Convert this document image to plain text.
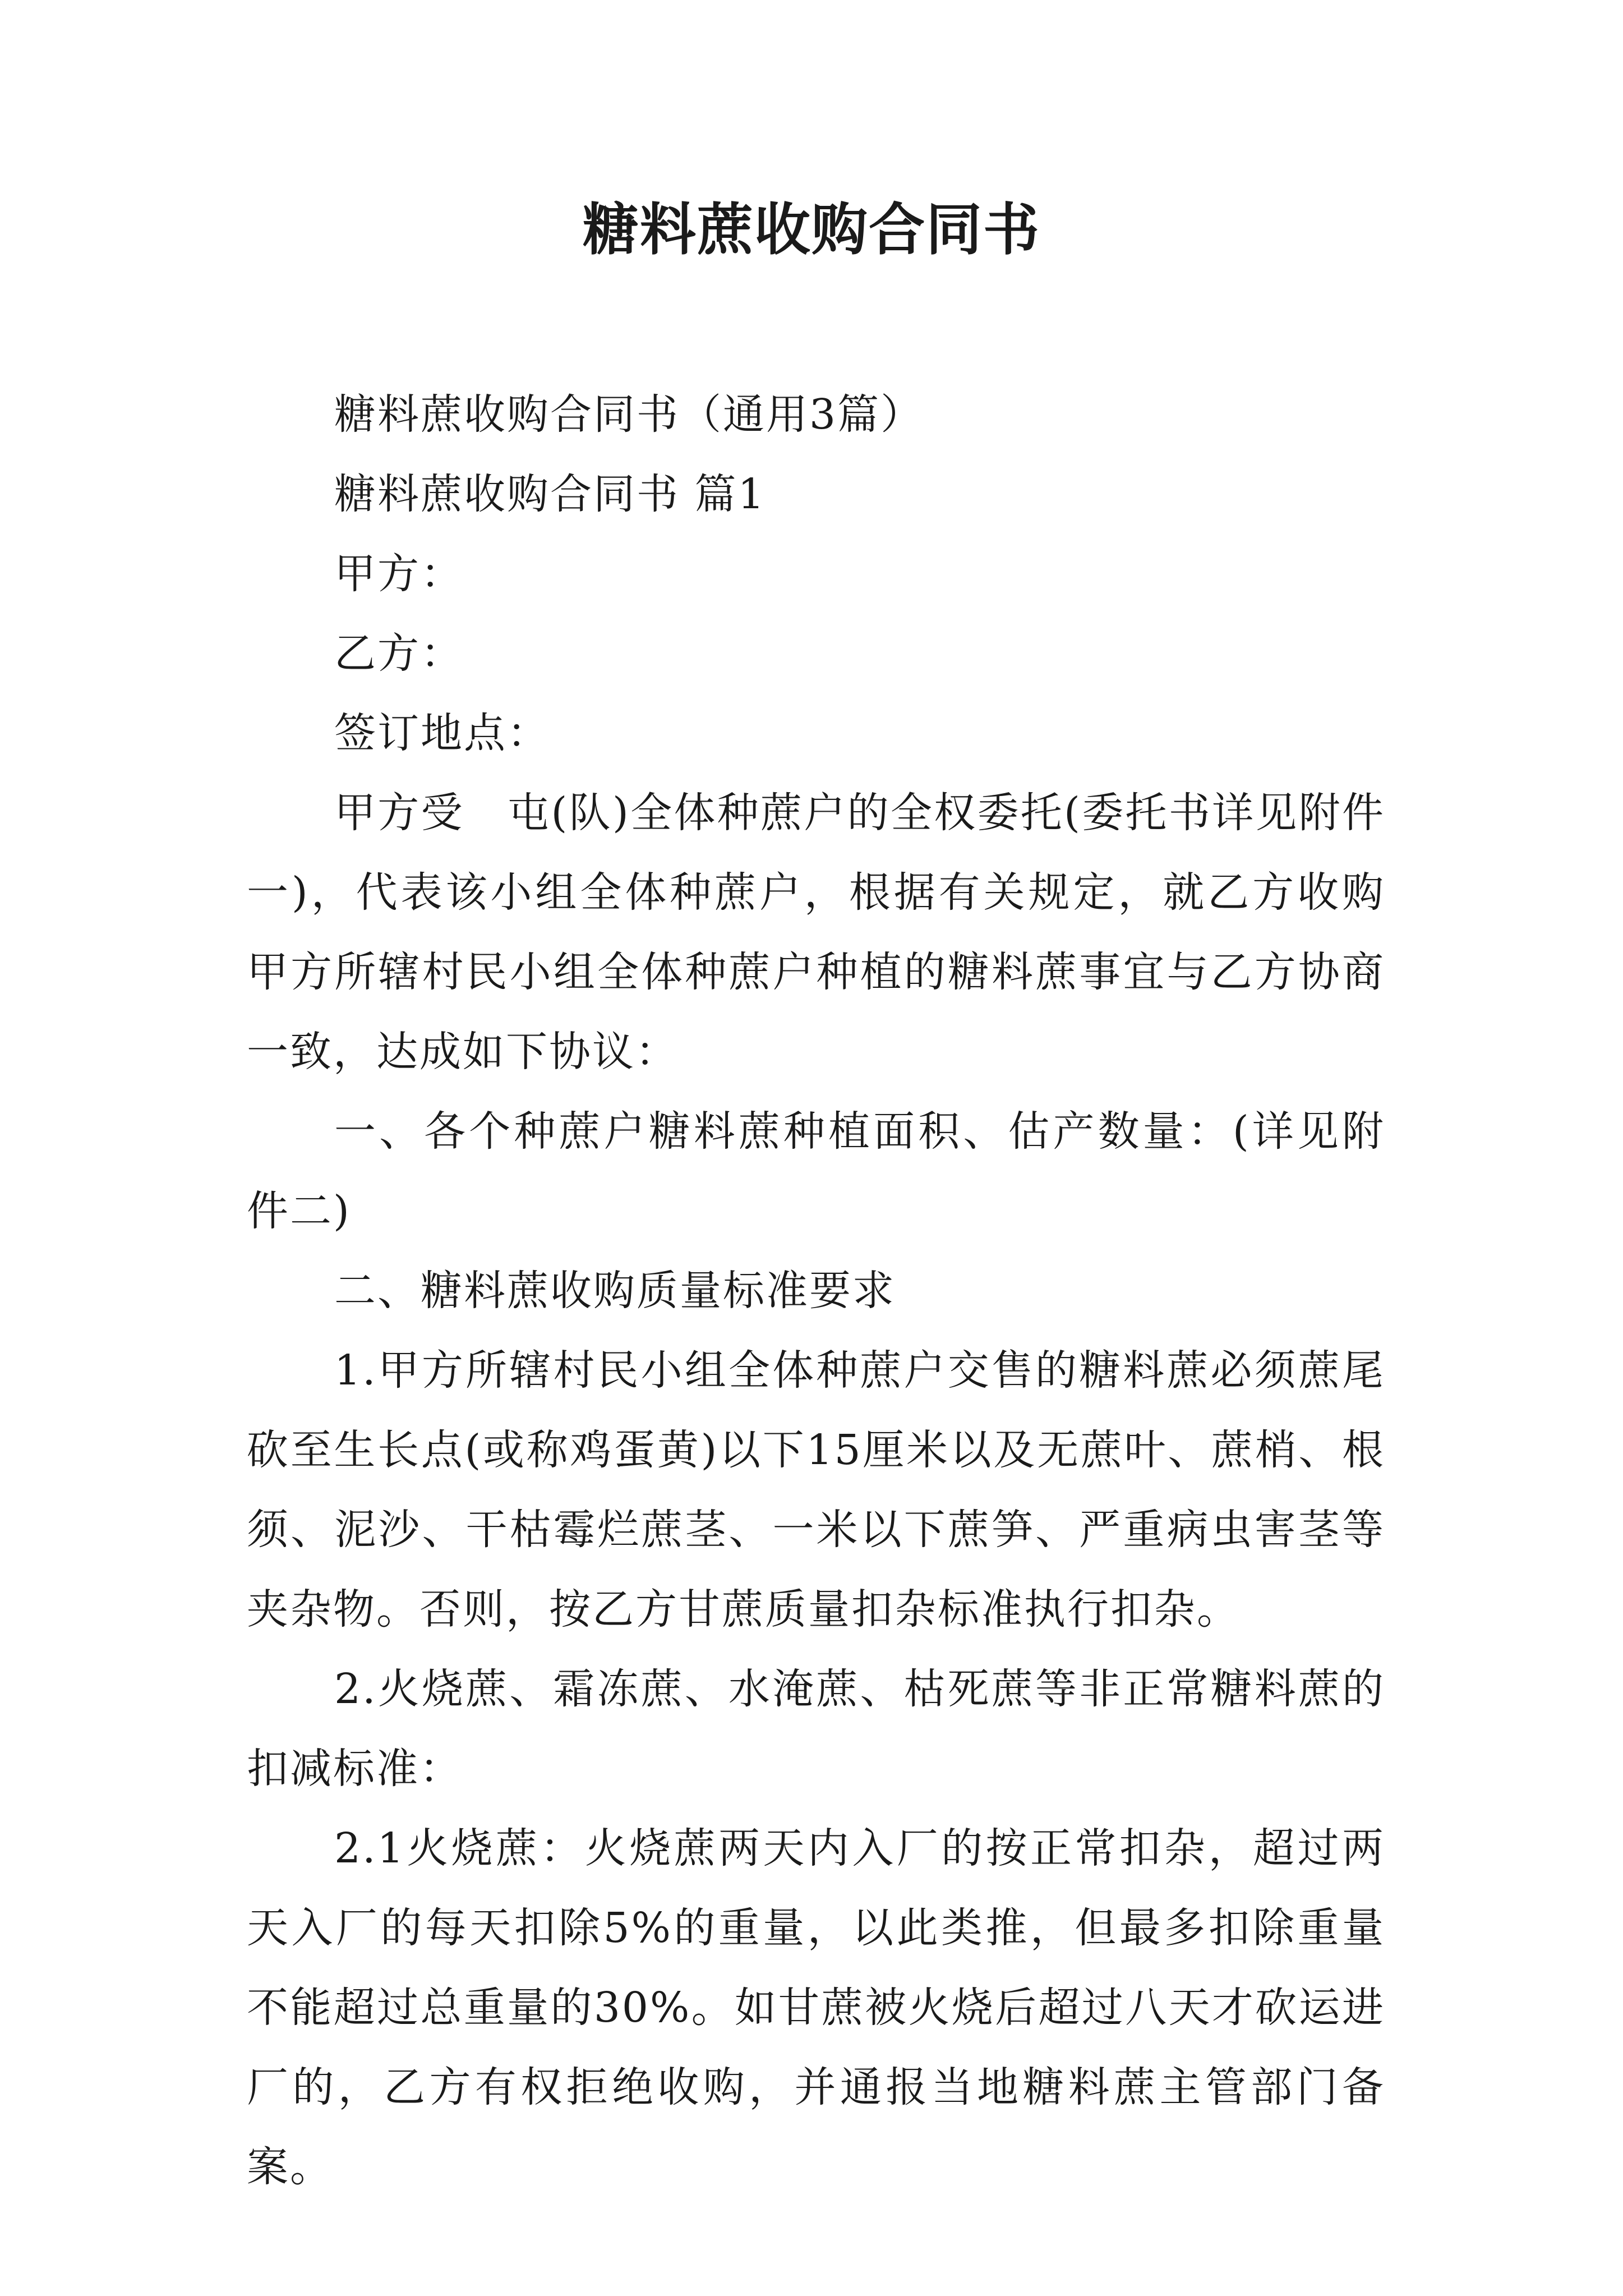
糖料蔗收购合同书

糖料蔗收购合同书（通用3篇）

糖料蔗收购合同书 篇1

甲方：

乙方：

签订地点：

甲方受　屯(队)全体种蔗户的全权委托(委托书详见附件一)，代表该小组全体种蔗户，根据有关规定，就乙方收购甲方所辖村民小组全体种蔗户种植的糖料蔗事宜与乙方协商一致，达成如下协议：

一、各个种蔗户糖料蔗种植面积、估产数量：(详见附件二)

二、糖料蔗收购质量标准要求

1.甲方所辖村民小组全体种蔗户交售的糖料蔗必须蔗尾砍至生长点(或称鸡蛋黄)以下15厘米以及无蔗叶、蔗梢、根须、泥沙、干枯霉烂蔗茎、一米以下蔗笋、严重病虫害茎等夹杂物。否则，按乙方甘蔗质量扣杂标准执行扣杂。

2.火烧蔗、霜冻蔗、水淹蔗、枯死蔗等非正常糖料蔗的扣减标准：

2.1火烧蔗：火烧蔗两天内入厂的按正常扣杂，超过两天入厂的每天扣除5%的重量，以此类推，但最多扣除重量不能超过总重量的30%。如甘蔗被火烧后超过八天才砍运进厂的，乙方有权拒绝收购，并通报当地糖料蔗主管部门备案。
